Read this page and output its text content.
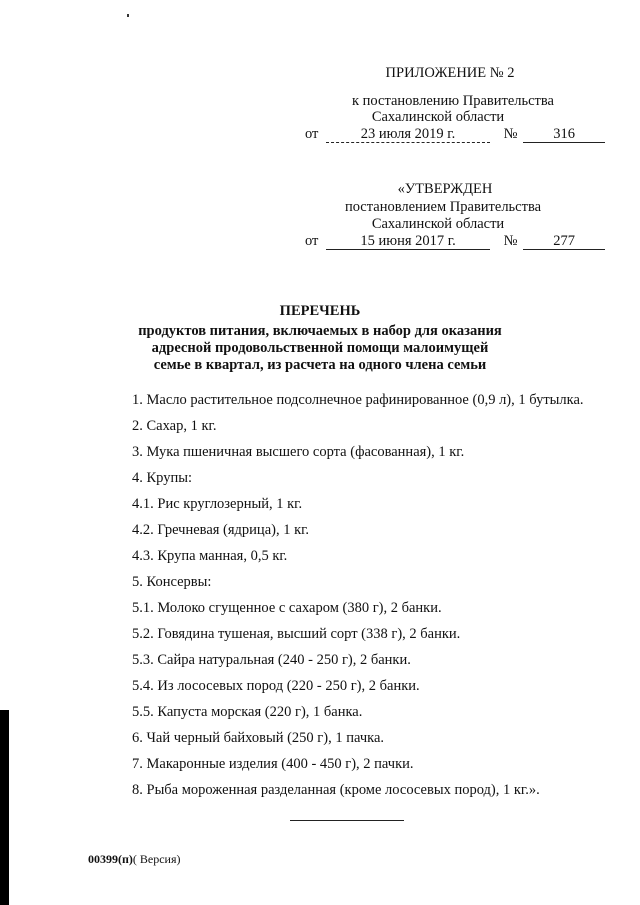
ПРИЛОЖЕНИЕ № 2
к постановлению Правительства
Сахалинской области
от	23 июля 2019 г.	№ 316
«УТВЕРЖДЕН
постановлением Правительства
Сахалинской области
от	15 июня 2017 г.	№ 277
ПЕРЕЧЕНЬ
продуктов питания, включаемых в набор для оказания
адресной продовольственной помощи малоимущей
семье в квартал, из расчета на одного члена семьи
1. Масло растительное подсолнечное рафинированное (0,9 л), 1 бутылка.
2. Сахар, 1 кг.
3. Мука пшеничная высшего сорта (фасованная), 1 кг.
4. Крупы:
4.1. Рис круглозерный, 1 кг.
4.2. Гречневая (ядрица), 1 кг.
4.3. Крупа манная, 0,5 кг.
5. Консервы:
5.1. Молоко сгущенное с сахаром (380 г), 2 банки.
5.2. Говядина тушеная, высший сорт (338 г), 2 банки.
5.3. Сайра натуральная (240 - 250 г), 2 банки.
5.4. Из лососевых пород (220 - 250 г), 2 банки.
5.5. Капуста морская (220 г), 1 банка.
6. Чай черный байховый (250 г), 1 пачка.
7. Макаронные изделия (400 - 450 г), 2 пачки.
8. Рыба мороженная разделанная (кроме лососевых пород), 1 кг.».
00399(п)( Версия)
